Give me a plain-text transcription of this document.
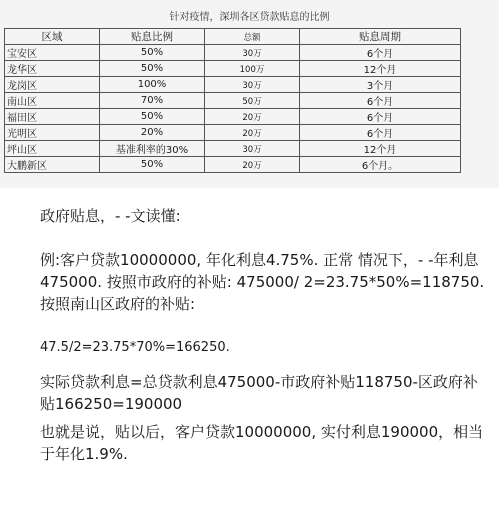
针对疫情，深圳各区贷款贴息的比例
区域	贴息比例	总额	贴息周期
宝安区	50%	30万	6个月
龙华区	50%	100万	12个月
龙岗区	100%	30万	3个月
南山区	70%	50万	6个月
福田区	50%	20万	6个月
光明区	20%	20万	6个月
坪山区	基准利率的30%	30万	12个月
大鹏新区	50%	20万	6个月。

政府贴息，- -文读懂:

例:客户贷款10000000, 年化利息4.75%. 正常 情况下，- -年利息475000. 按照市政府的补贴: 475000/ 2=23.75*50%=118750. 按照南山区政府的补贴:

47.5/2=23.75*70%=166250.

实际贷款利息=总贷款利息475000-市政府补贴118750-区政府补贴166250=190000

也就是说，贴以后，客户贷款10000000, 实付利息190000，相当于年化1.9%.
